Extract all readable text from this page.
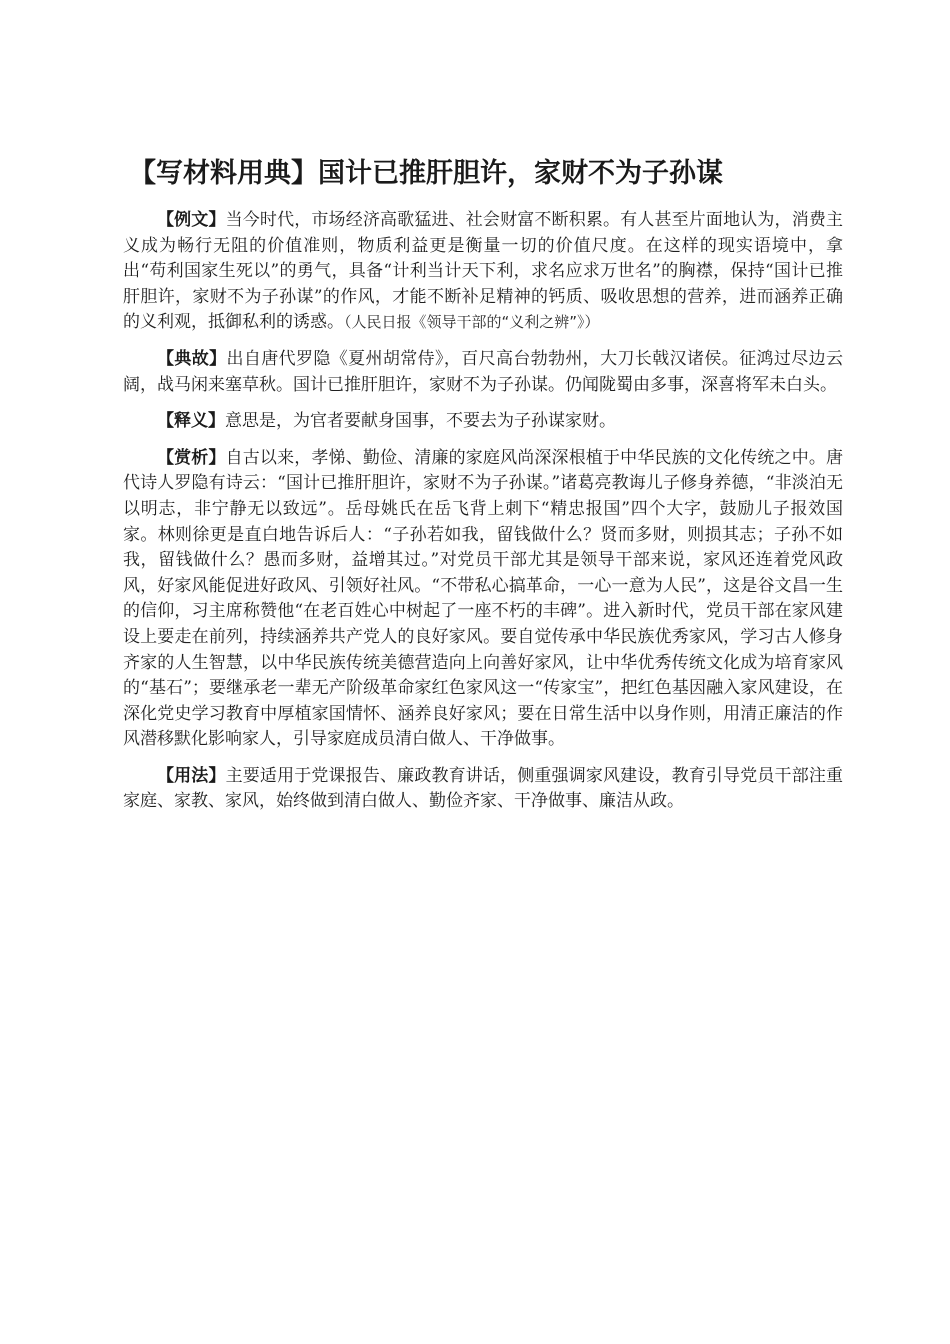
【写材料用典】国计已推肝胆许，家财不为子孙谋

【例文】当今时代，市场经济高歌猛进、社会财富不断积累。有人甚至片面地认为，消费主义成为畅行无阻的价值准则，物质利益更是衡量一切的价值尺度。在这样的现实语境中，拿出“苟利国家生死以”的勇气，具备“计利当计天下利，求名应求万世名”的胸襟，保持“国计已推肝胆许，家财不为子孙谋”的作风，才能不断补足精神的钙质、吸收思想的营养，进而涵养正确的义利观，抵御私利的诱惑。（人民日报《领导干部的“义利之辨”》）

【典故】出自唐代罗隐《夏州胡常侍》，百尺高台勃勃州，大刀长戟汉诸侯。征鸿过尽边云阔，战马闲来塞草秋。国计已推肝胆许，家财不为子孙谋。仍闻陇蜀由多事，深喜将军未白头。

【释义】意思是，为官者要献身国事，不要去为子孙谋家财。

【赏析】自古以来，孝悌、勤俭、清廉的家庭风尚深深根植于中华民族的文化传统之中。唐代诗人罗隐有诗云：“国计已推肝胆许，家财不为子孙谋。”诸葛亮教诲儿子修身养德，“非淡泊无以明志，非宁静无以致远”。岳母姚氏在岳飞背上刺下“精忠报国”四个大字，鼓励儿子报效国家。林则徐更是直白地告诉后人：“子孙若如我，留钱做什么？贤而多财，则损其志；子孙不如我，留钱做什么？愚而多财，益增其过。”对党员干部尤其是领导干部来说，家风还连着党风政风，好家风能促进好政风、引领好社风。“不带私心搞革命，一心一意为人民”，这是谷文昌一生的信仰，习主席称赞他“在老百姓心中树起了一座不朽的丰碑”。进入新时代，党员干部在家风建设上要走在前列，持续涵养共产党人的良好家风。要自觉传承中华民族优秀家风，学习古人修身齐家的人生智慧，以中华民族传统美德营造向上向善好家风，让中华优秀传统文化成为培育家风的“基石”；要继承老一辈无产阶级革命家红色家风这一“传家宝”，把红色基因融入家风建设，在深化党史学习教育中厚植家国情怀、涵养良好家风；要在日常生活中以身作则，用清正廉洁的作风潜移默化影响家人，引导家庭成员清白做人、干净做事。

【用法】主要适用于党课报告、廉政教育讲话，侧重强调家风建设，教育引导党员干部注重家庭、家教、家风，始终做到清白做人、勤俭齐家、干净做事、廉洁从政。
